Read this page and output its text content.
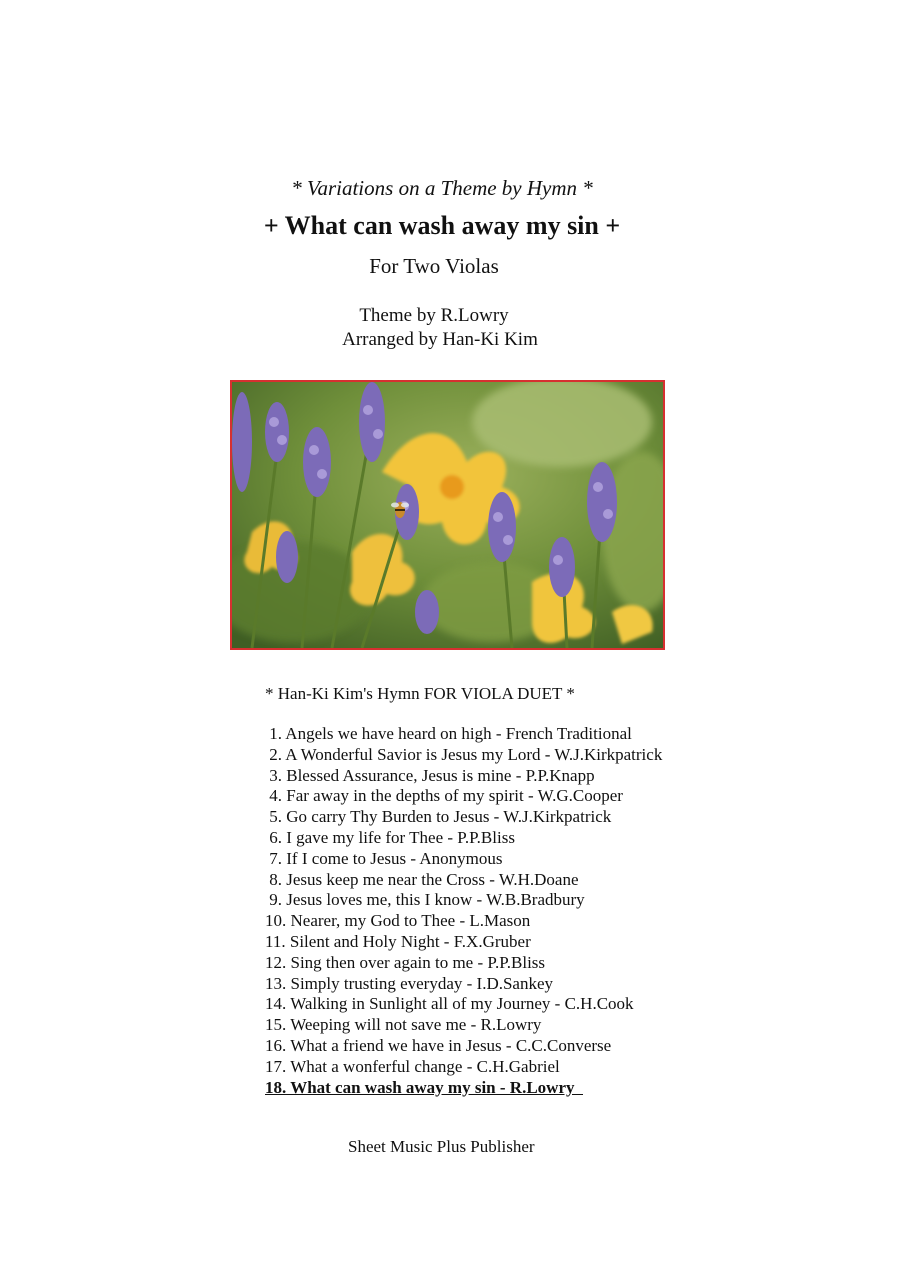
* Variations on a Theme by Hymn *
+ What can wash away my sin +
For Two Violas
Theme by R.Lowry
Arranged by Han-Ki Kim
* Han-Ki Kim's Hymn FOR VIOLA DUET *
1. Angels we have heard on high - French Traditional
2. A Wonderful Savior is Jesus my Lord - W.J.Kirkpatrick
3. Blessed Assurance, Jesus is mine - P.P.Knapp
4. Far away in the depths of my spirit - W.G.Cooper
5. Go carry Thy Burden to Jesus - W.J.Kirkpatrick
6. I gave my life for Thee - P.P.Bliss
7. If I come to Jesus - Anonymous
8. Jesus keep me near the Cross - W.H.Doane
9. Jesus loves me, this I know - W.B.Bradbury
10. Nearer, my God to Thee - L.Mason
11. Silent and Holy Night - F.X.Gruber
12. Sing then over again to me - P.P.Bliss
13. Simply trusting everyday - I.D.Sankey
14. Walking in Sunlight all of my Journey - C.H.Cook
15. Weeping will not save me - R.Lowry
16. What a friend we have in Jesus - C.C.Converse
17. What a wonferful change - C.H.Gabriel
18. What can wash away my sin - R.Lowry
Sheet Music Plus Publisher
